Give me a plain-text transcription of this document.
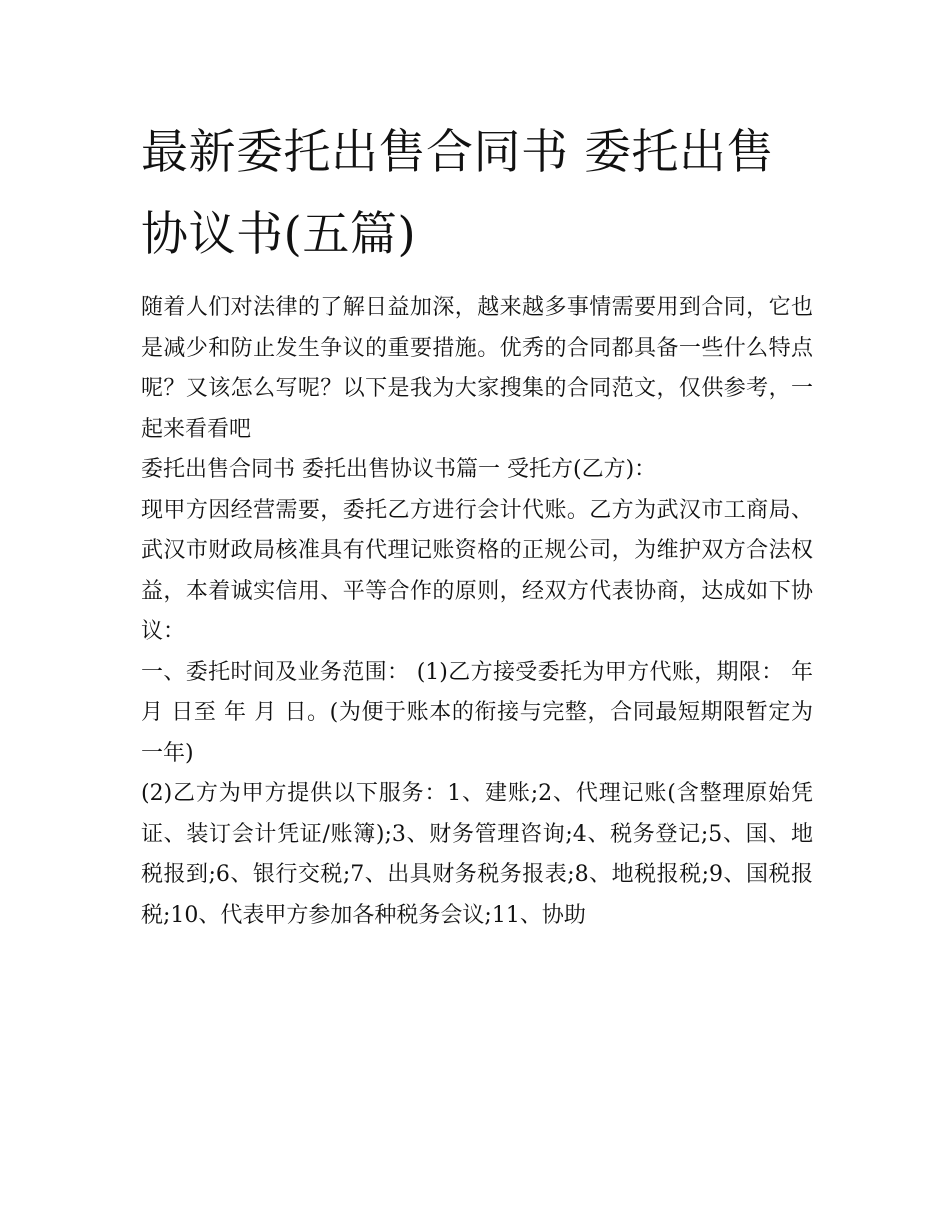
最新委托出售合同书 委托出售协议书(五篇)

随着人们对法律的了解日益加深，越来越多事情需要用到合同，它也是减少和防止发生争议的重要措施。优秀的合同都具备一些什么特点呢？又该怎么写呢？以下是我为大家搜集的合同范文，仅供参考，一起来看看吧

委托出售合同书 委托出售协议书篇一 受托方(乙方)：

现甲方因经营需要，委托乙方进行会计代账。乙方为武汉市工商局、武汉市财政局核准具有代理记账资格的正规公司，为维护双方合法权益，本着诚实信用、平等合作的原则，经双方代表协商，达成如下协议：

一、委托时间及业务范围： (1)乙方接受委托为甲方代账，期限： 年 月 日至 年 月 日。(为便于账本的衔接与完整，合同最短期限暂定为一年)

(2)乙方为甲方提供以下服务：1、建账;2、代理记账(含整理原始凭证、装订会计凭证/账簿);3、财务管理咨询;4、税务登记;5、国、地税报到;6、银行交税;7、出具财务税务报表;8、地税报税;9、国税报税;10、代表甲方参加各种税务会议;11、协助
